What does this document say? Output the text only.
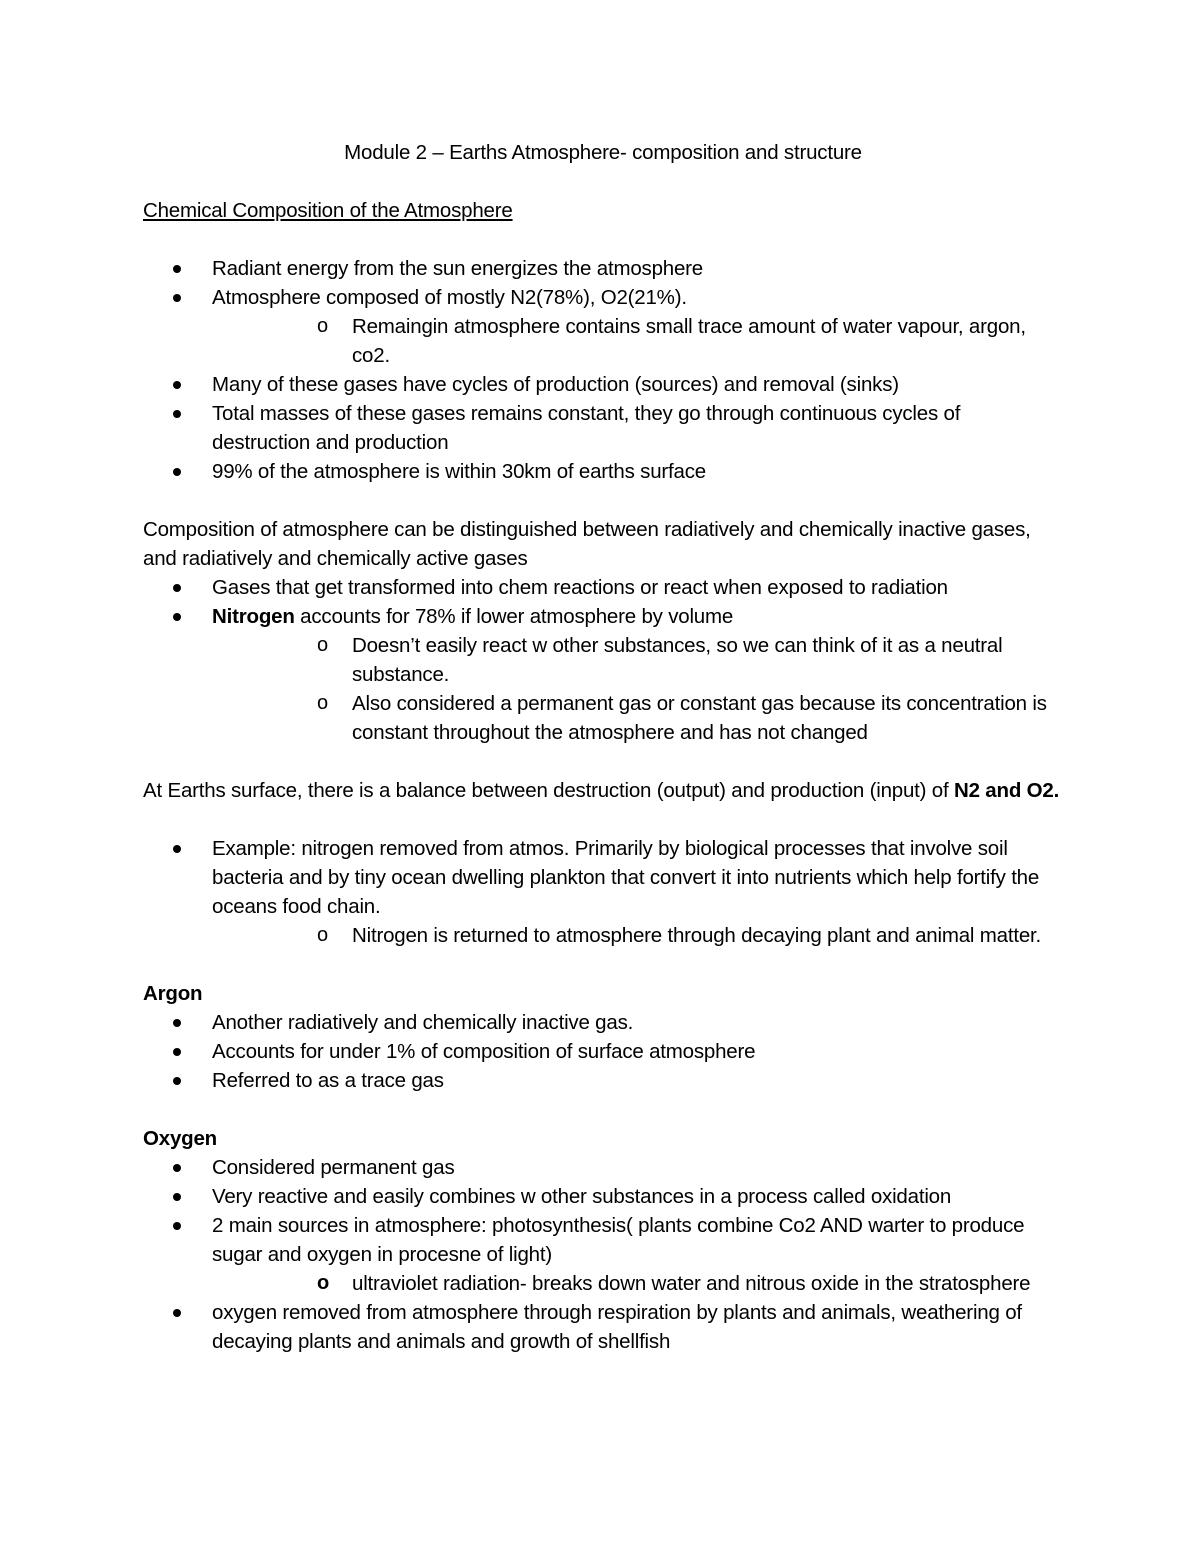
Module 2 – Earths Atmosphere- composition and structure
Chemical Composition of the Atmosphere
Radiant energy from the sun energizes the atmosphere
Atmosphere composed of mostly N2(78%), O2(21%).
o Remaingin atmosphere contains small trace amount of water vapour, argon, co2.
Many of these gases have cycles of production (sources) and removal (sinks)
Total masses of these gases remains constant, they go through continuous cycles of destruction and production
99% of the atmosphere is within 30km of earths surface

Composition of atmosphere can be distinguished between radiatively and chemically inactive gases, and radiatively and chemically active gases

Gases that get transformed into chem reactions or react when exposed to radiation
Nitrogen accounts for 78% if lower atmosphere by volume
o Doesn’t easily react w other substances, so we can think of it as a neutral substance.
o Also considered a permanent gas or constant gas because its concentration is constant throughout the atmosphere and has not changed

At Earths surface, there is a balance between destruction (output) and production (input) of N2 and O2.

Example: nitrogen removed from atmos. Primarily by biological processes that involve soil bacteria and by tiny ocean dwelling plankton that convert it into nutrients which help fortify the oceans food chain.
o Nitrogen is returned to atmosphere through decaying plant and animal matter.

Argon

Another radiatively and chemically inactive gas.
Accounts for under 1% of composition of surface atmosphere
Referred to as a trace gas

Oxygen

Considered permanent gas
Very reactive and easily combines w other substances in a process called oxidation
2 main sources in atmosphere: photosynthesis( plants combine Co2 AND warter to produce sugar and oxygen in procesne of light)
o ultraviolet radiation- breaks down water and nitrous oxide in the stratosphere
oxygen removed from atmosphere through respiration by plants and animals, weathering of decaying plants and animals and growth of shellfish
